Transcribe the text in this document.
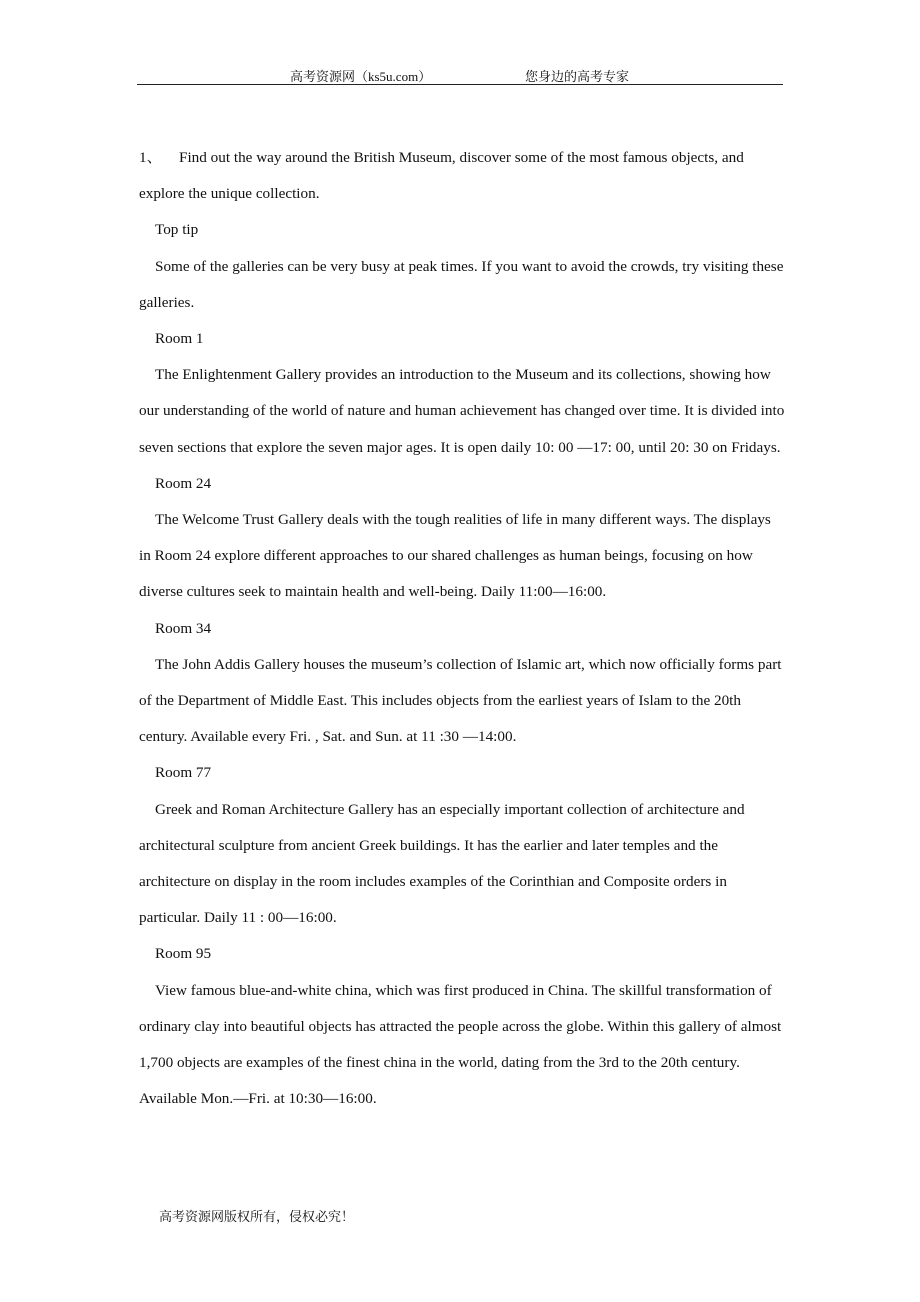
高考资源网（ks5u.com）	您身边的高考专家

1、 Find out the way around the British Museum, discover some of the most famous objects, and explore the unique collection.

Top tip

Some of the galleries can be very busy at peak times. If you want to avoid the crowds, try visiting these galleries.

Room 1

The Enlightenment Gallery provides an introduction to the Museum and its collections, showing how our understanding of the world of nature and human achievement has changed over time. It is divided into seven sections that explore the seven major ages. It is open daily 10: 00 —17: 00, until 20: 30 on Fridays.

Room 24

The Welcome Trust Gallery deals with the tough realities of life in many different ways. The displays in Room 24 explore different approaches to our shared challenges as human beings, focusing on how diverse cultures seek to maintain health and well-being. Daily 11:00—16:00.

Room 34

The John Addis Gallery houses the museum’s collection of Islamic art, which now officially forms part of the Department of Middle East. This includes objects from the earliest years of Islam to the 20th century. Available every Fri. , Sat. and Sun. at 11 :30 —14:00.

Room 77

Greek and Roman Architecture Gallery has an especially important collection of architecture and architectural sculpture from ancient Greek buildings. It has the earlier and later temples and the architecture on display in the room includes examples of the Corinthian and Composite orders in particular. Daily 11 : 00—16:00.

Room 95

View famous blue-and-white china, which was first produced in China. The skillful transformation of ordinary clay into beautiful objects has attracted the people across the globe. Within this gallery of almost 1,700 objects are examples of the finest china in the world, dating from the 3rd to the 20th century. Available Mon.—Fri. at 10:30—16:00.

高考资源网版权所有，侵权必究！
